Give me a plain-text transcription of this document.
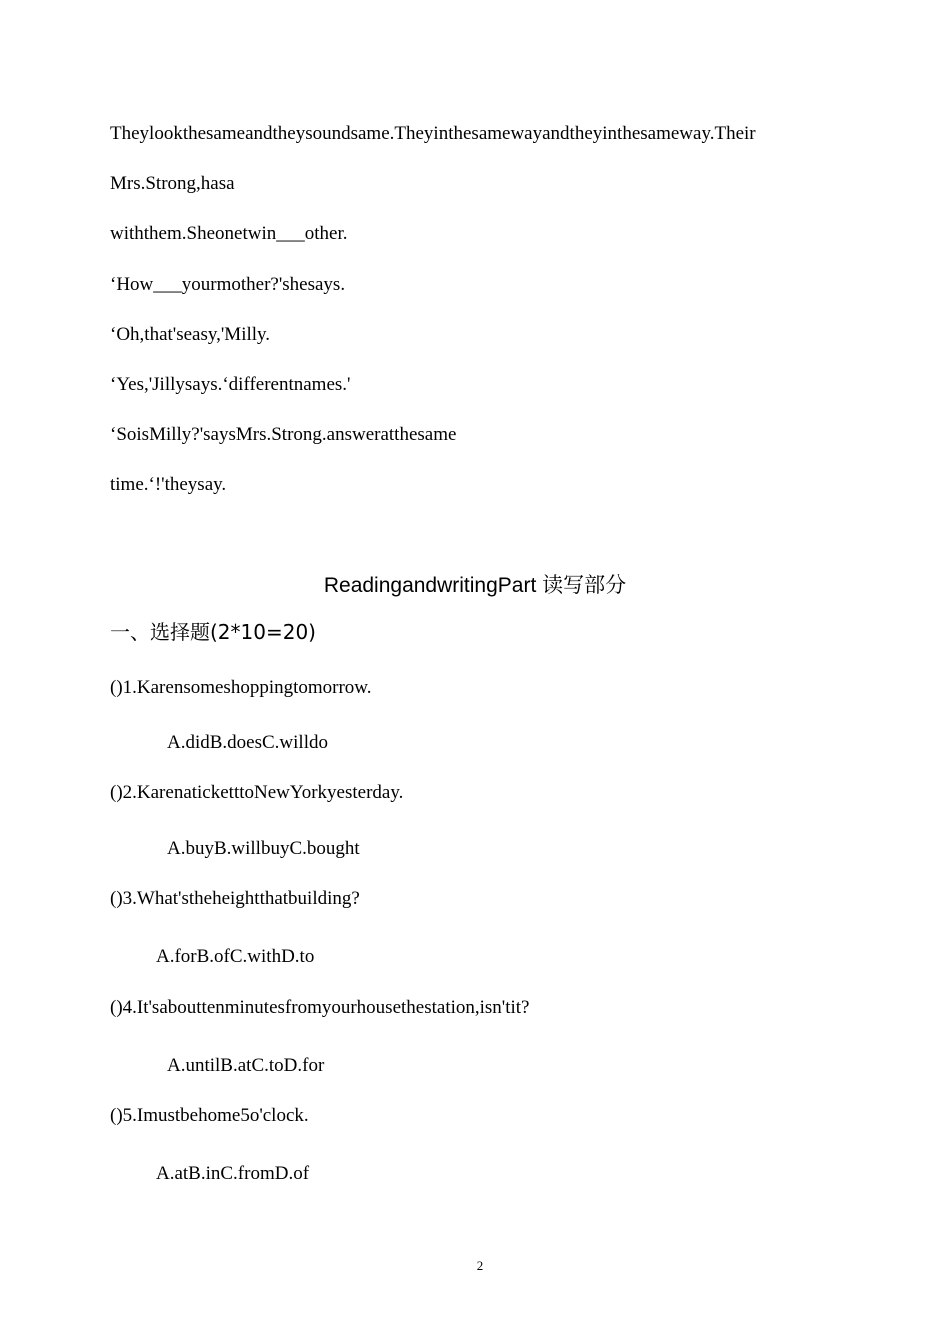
Theylookthesameandtheysoundsame.Theyinthesamewayandtheyinthesameway.Their
Mrs.Strong,hasa
withthem.Sheonetwin___other.
‘How___yourmother?'shesays.
‘Oh,that'seasy,'Milly.
‘Yes,'Jillysays.‘differentnames.'
‘SoisMilly?'saysMrs.Strong.answeratthesame
time.‘!'theysay.
ReadingandwritingPart 读写部分
一、选择题(2*10=20)
()1.Karensomeshoppingtomorrow.
A.didB.doesC.willdo
()2.KarenaticketttoNewYorkyesterday.
A.buyB.willbuyC.bought
()3.What'stheheightthatbuilding?
A.forB.ofC.withD.to
()4.It'sabouttenminutesfromyourhousethestation,isn'tit?
A.untilB.atC.toD.for
()5.Imustbehome5o'clock.
A.atB.inC.fromD.of
2
